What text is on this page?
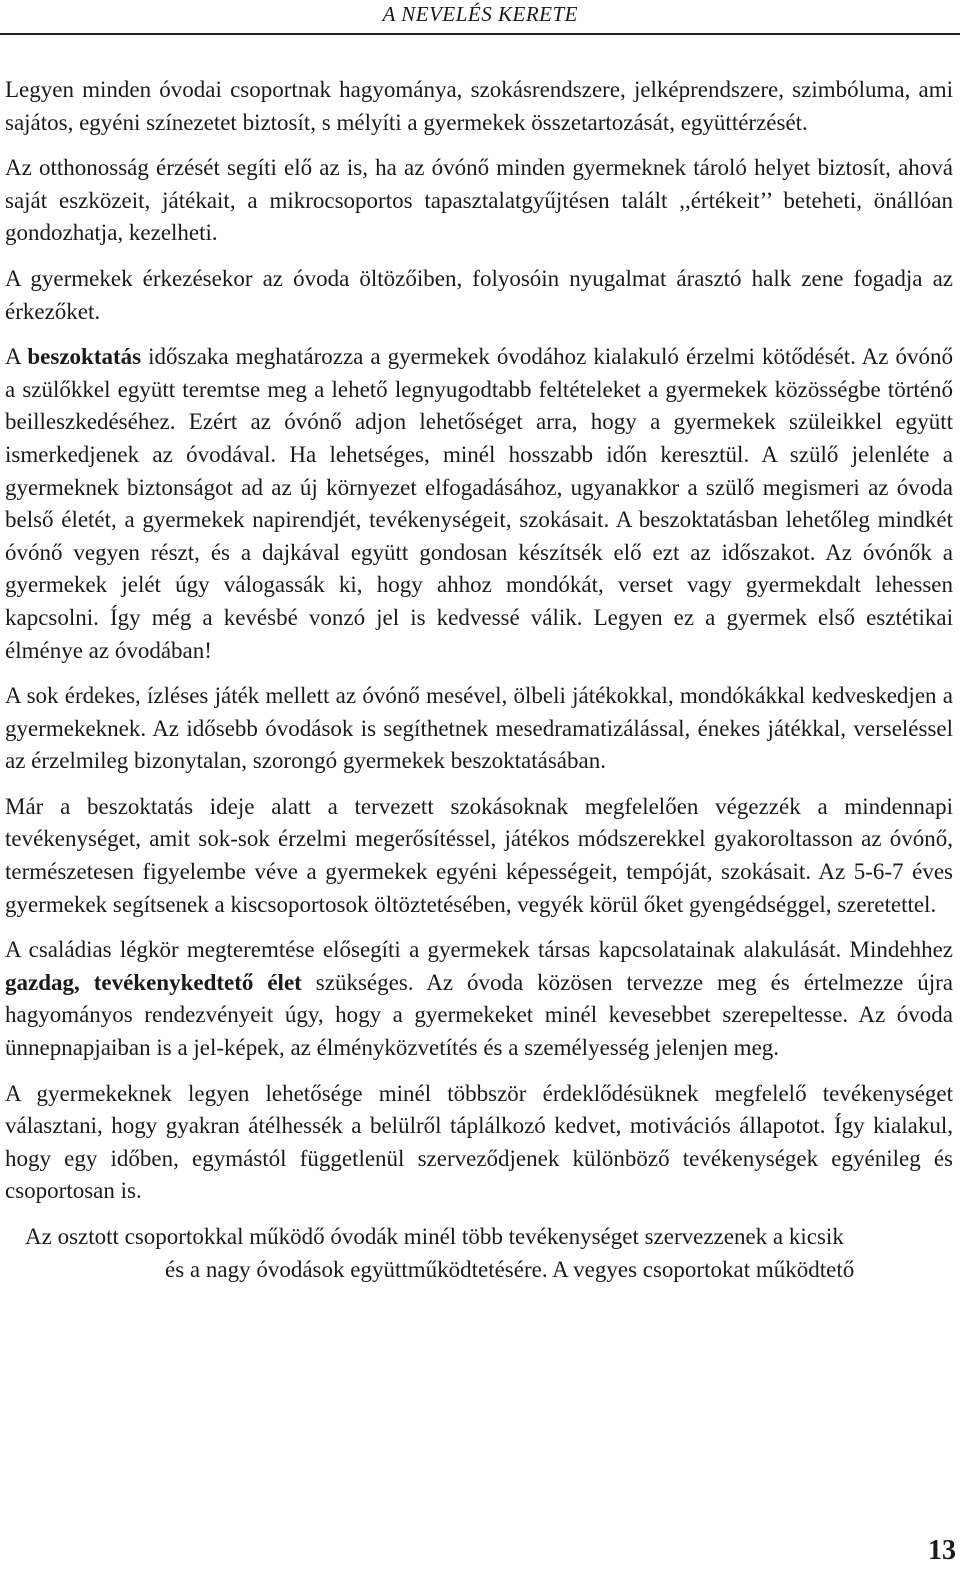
A NEVELÉS KERETE

Legyen minden óvodai csoportnak hagyománya, szokásrendszere, jelképrendszere, szimbóluma, ami sajátos, egyéni színezetet biztosít, s mélyíti a gyermekek összetartozását, együttérzését.

Az otthonosság érzését segíti elő az is, ha az óvónő minden gyermeknek tároló helyet biztosít, ahová saját eszközeit, játékait, a mikrocsoportos tapasztalatgyűjtésen talált ,,értékeit’’ beteheti, önállóan gondozhatja, kezelheti.

A gyermekek érkezésekor az óvoda öltözőiben, folyosóin nyugalmat árasztó halk zene fogadja az érkezőket.

A beszoktatás időszaka meghatározza a gyermekek óvodához kialakuló érzelmi kötődését. Az óvónő a szülőkkel együtt teremtse meg a lehető legnyugodtabb feltételeket a gyermekek közösségbe történő beilleszkedéséhez. Ezért az óvónő adjon lehetőséget arra, hogy a gyermekek szüleikkel együtt ismerkedjenek az óvodával. Ha lehetséges, minél hosszabb időn keresztül. A szülő jelenléte a gyermeknek biztonságot ad az új környezet elfogadásához, ugyanakkor a szülő megismeri az óvoda belső életét, a gyermekek napirendjét, tevékenységeit, szokásait. A beszoktatásban lehetőleg mindkét óvónő vegyen részt, és a dajkával együtt gondosan készítsék elő ezt az időszakot. Az óvónők a gyermekek jelét úgy válogassák ki, hogy ahhoz mondókát, verset vagy gyermekdalt lehessen kapcsolni. Így még a kevésbé vonzó jel is kedvessé válik. Legyen ez a gyermek első esztétikai élménye az óvodában!

A sok érdekes, ízléses játék mellett az óvónő mesével, ölbeli játékokkal, mondókákkal kedveskedjen a gyermekeknek. Az idősebb óvodások is segíthetnek mesedramatizálással, énekes játékkal, verseléssel az érzelmileg bizonytalan, szorongó gyermekek beszoktatásában.

Már a beszoktatás ideje alatt a tervezett szokásoknak megfelelően végezzék a mindennapi tevékenységet, amit sok-sok érzelmi megerősítéssel, játékos módszerekkel gyakoroltasson az óvónő, természetesen figyelembe véve a gyermekek egyéni képességeit, tempóját, szokásait. Az 5-6-7 éves gyermekek segítsenek a kiscsoportosok öltöztetésében, vegyék körül őket gyengédséggel, szeretettel.

A családias légkör megteremtése elősegíti a gyermekek társas kapcsolatainak alakulását. Mindehhez gazdag, tevékenykedtető élet szükséges. Az óvoda közösen tervezze meg és értelmezze újra hagyományos rendezvényeit úgy, hogy a gyermekeket minél kevesebbet szerepeltesse. Az óvoda ünnepnapjaiban is a jel-képek, az élményközvetítés és a személyesség jelenjen meg.

A gyermekeknek legyen lehetősége minél többször érdeklődésüknek megfelelő tevékenységet választani, hogy gyakran átélhessék a belülről táplálkozó kedvet, motivációs állapotot. Így kialakul, hogy egy időben, egymástól függetlenül szerveződjenek különböző tevékenységek egyénileg és csoportosan is.

Az osztott csoportokkal működő óvodák minél több tevékenységet szervezzenek a kicsik
és a nagy óvodások együttműködtetésére. A vegyes csoportokat működtető

13
